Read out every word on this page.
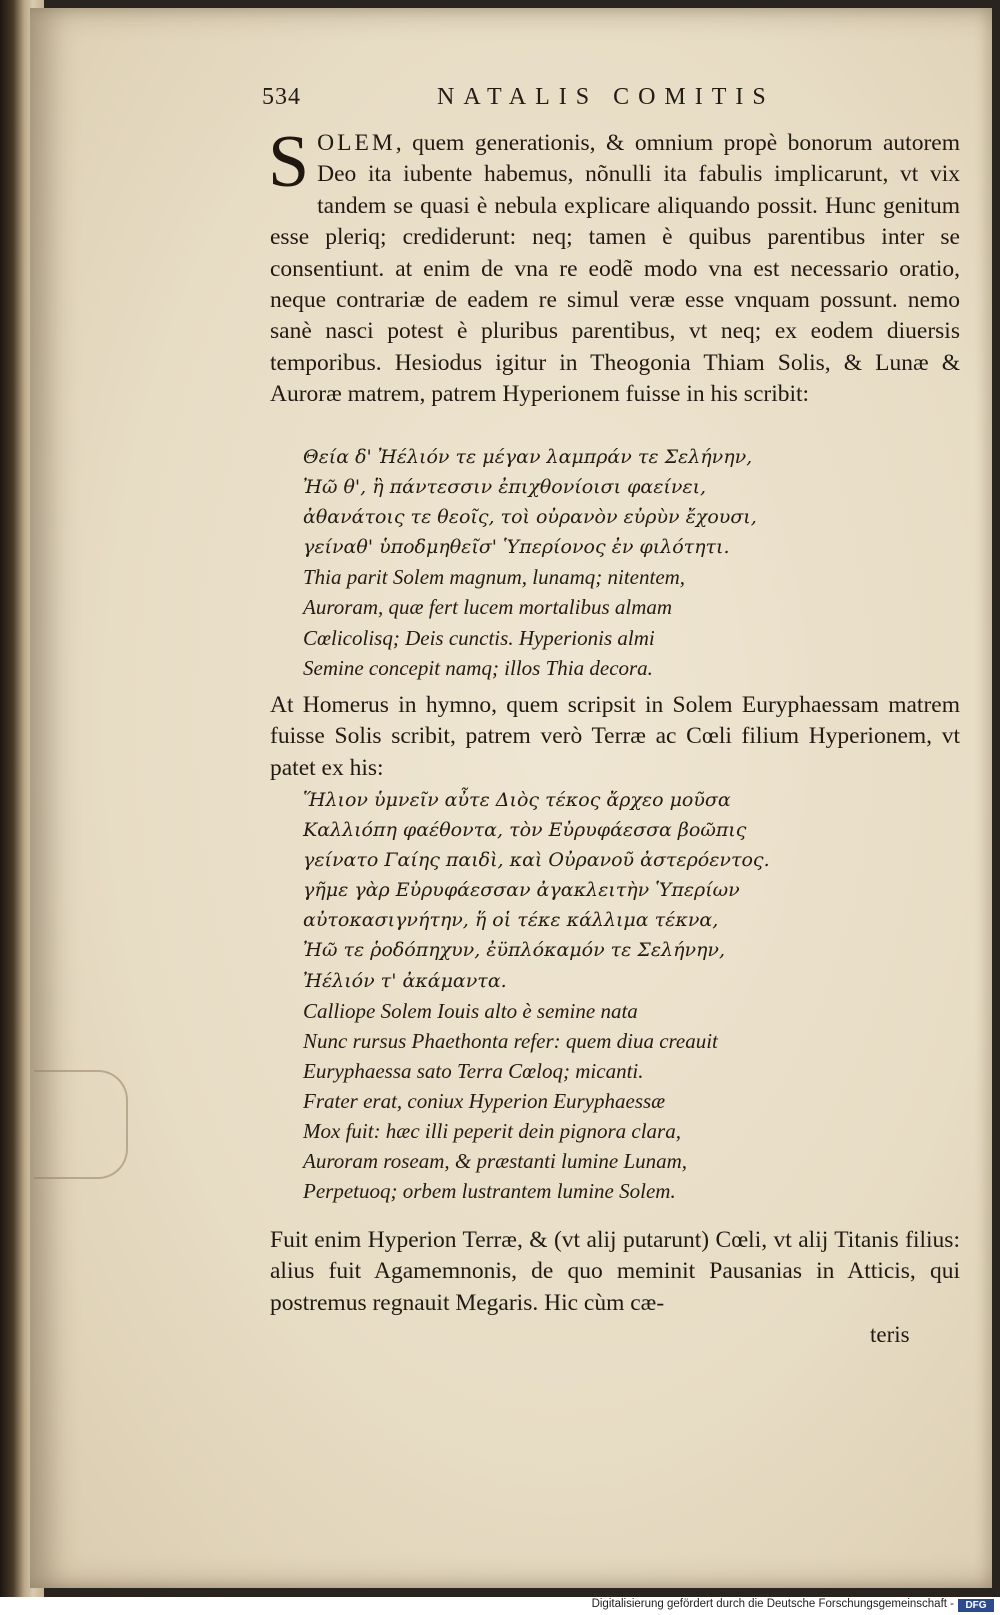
534	NATALIS COMITIS
SOLEM, quem generationis, & omnium propè bonorum autorem Deo ita iubente habemus, nõnulli ita fabulis implicarunt, vt vix tandem se quasi è nebula explicare aliquando possit. Hunc genitum esse pleriq; crediderunt: neq; tamen è quibus parentibus inter se consentiunt. at enim de vna re eodẽ modo vna est necessario oratio, neque contrariæ de eadem re simul veræ esse vnquam possunt. nemo sanè nasci potest è pluribus parentibus, vt neq; ex eodem diuersis temporibus. Hesiodus igitur in Theogonia Thiam Solis, & Lunæ & Auroræ matrem, patrem Hyperionem fuisse in his scribit:
Θεία δ' Ἠέλιόν τε μέγαν λαμπράν τε Σελήνην,
Ἠῶ θ', ἣ πάντεσσιν ἐπιχθονίοισι φαείνει,
ἀθανάτοις τε θεοῖς, τοὶ οὐρανὸν εὐρὺν ἔχουσι,
γείναθ' ὑποδμηθεῖσ' Ὑπερίονος ἐν φιλότητι.
Thia parit Solem magnum, lunamq; nitentem,
Auroram, quæ fert lucem mortalibus almam
Cœlicolisq; Deis cunctis. Hyperionis almi
Semine concepit namq; illos Thia decora.
At Homerus in hymno, quem scripsit in Solem Euryphaessam matrem fuisse Solis scribit, patrem verò Terræ ac Cœli filium Hyperionem, vt patet ex his:
Ἥλιον ὑμνεῖν αὖτε Διὸς τέκος ἄρχεο μοῦσα
Καλλιόπη φαέθοντα, τὸν Εὐρυφάεσσα βοῶπις
γείνατο Γαίης παιδὶ, καὶ Οὐρανοῦ ἀστερόεντος.
γῆμε γὰρ Εὐρυφάεσσαν ἀγακλειτὴν Ὑπερίων
αὐτοκασιγνήτην, ἥ οἱ τέκε κάλλιμα τέκνα,
Ἠῶ τε ῥοδόπηχυν, ἐϋπλόκαμόν τε Σελήνην,
Ἠέλιόν τ' ἀκάμαντα.
Calliope Solem Iouis alto è semine nata
Nunc rursus Phaethonta refer: quem diua creauit
Euryphaessa sato Terra Cœloq; micanti.
Frater erat, coniux Hyperion Euryphaessæ
Mox fuit: hæc illi peperit dein pignora clara,
Auroram roseam, & præstanti lumine Lunam,
Perpetuoq; orbem lustrantem lumine Solem.
Fuit enim Hyperion Terræ, & (vt alij putarunt) Cœli, vt alij Titanis filius: alius fuit Agamemnonis, de quo meminit Pausanias in Atticis, qui postremus regnauit Megaris. Hic cùm cæ-
teris
Digitalisierung gefördert durch die Deutsche Forschungsgemeinschaft -	DFG
